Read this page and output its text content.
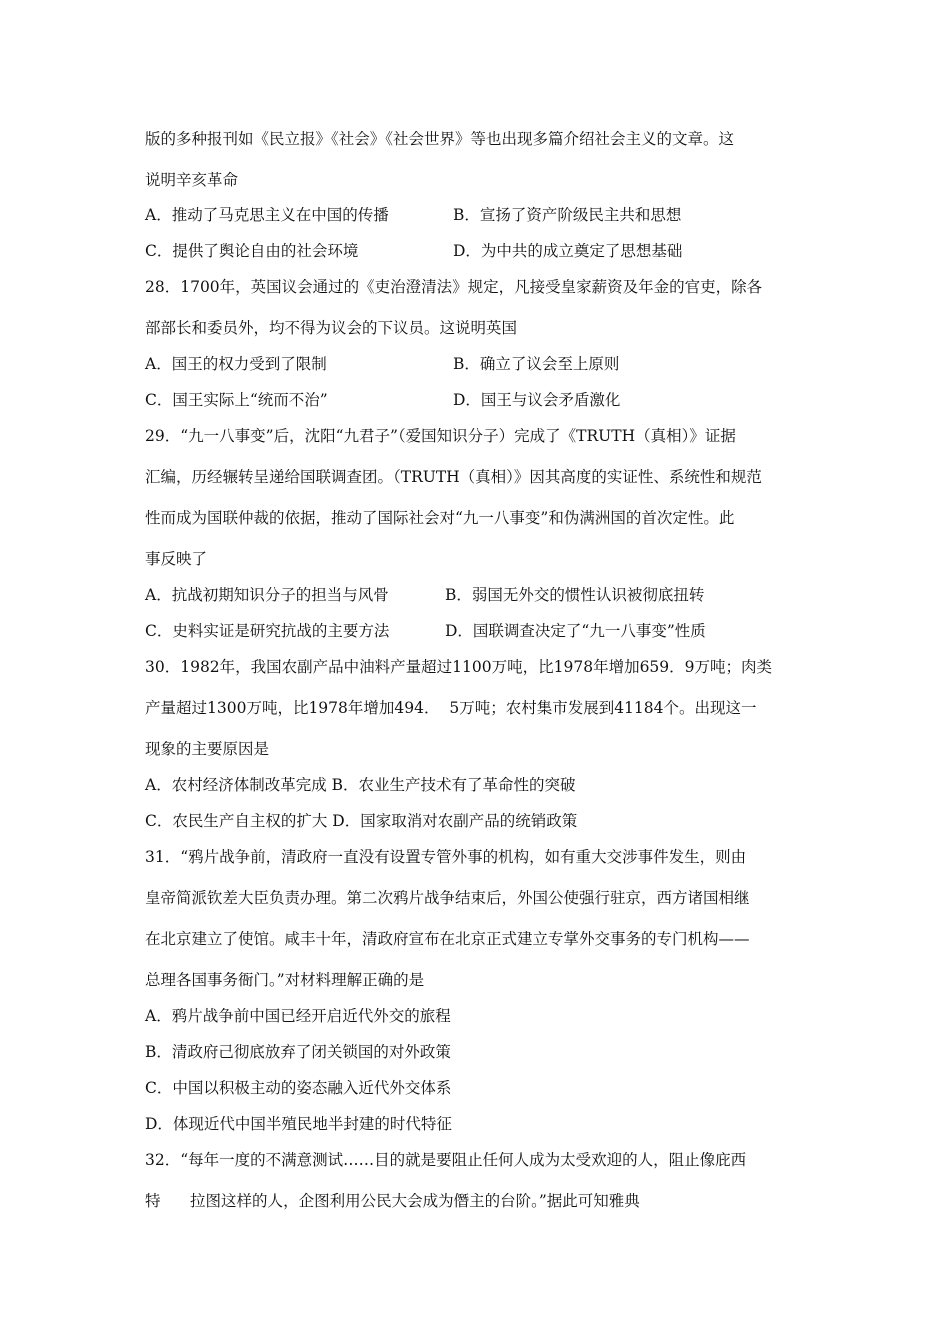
版的多种报刊如《民立报》《社会》《社会世界》等也出现多篇介绍社会主义的文章。这
说明辛亥革命
A．推动了马克思主义在中国的传播	B．宣扬了资产阶级民主共和思想
C．提供了舆论自由的社会环境	D．为中共的成立奠定了思想基础
28．1700年，英国议会通过的《吏治澄清法》规定，凡接受皇家薪资及年金的官吏，除各
部部长和委员外，均不得为议会的下议员。这说明英国
A．国王的权力受到了限制	B．确立了议会至上原则
C．国王实际上“统而不治”	D．国王与议会矛盾激化
29．“九一八事变”后，沈阳“九君子”（爱国知识分子）完成了《TRUTH（真相）》证据
汇编，历经辗转呈递给国联调查团。（TRUTH（真相）》因其高度的实证性、系统性和规范
性而成为国联仲裁的依据，推动了国际社会对“九一八事变”和伪满洲国的首次定性。此
事反映了
A．抗战初期知识分子的担当与风骨	B．弱国无外交的惯性认识被彻底扭转
C．史料实证是研究抗战的主要方法	D．国联调查决定了“九一八事变”性质
30．1982年，我国农副产品中油料产量超过1100万吨，比1978年增加659．9万吨；肉类
产量超过1300万吨，比1978年增加494．  5万吨；农村集市发展到41184个。出现这一
现象的主要原因是
A．农村经济体制改革完成 B．农业生产技术有了革命性的突破
C．农民生产自主权的扩大 D．国家取消对农副产品的统销政策
31．“鸦片战争前，清政府一直没有设置专管外事的机构，如有重大交涉事件发生，则由
皇帝简派钦差大臣负责办理。第二次鸦片战争结束后，外国公使强行驻京，西方诸国相继
在北京建立了使馆。咸丰十年，清政府宣布在北京正式建立专掌外交事务的专门机构——
总理各国事务衙门。”对材料理解正确的是
A．鸦片战争前中国已经开启近代外交的旅程
B．清政府己彻底放弃了闭关锁国的对外政策
C．中国以积极主动的姿态融入近代外交体系
D．体现近代中国半殖民地半封建的时代特征
32．“每年一度的不满意测试……目的就是要阻止任何人成为太受欢迎的人，阻止像庇西
特      拉图这样的人，企图利用公民大会成为僭主的台阶。”据此可知雅典
